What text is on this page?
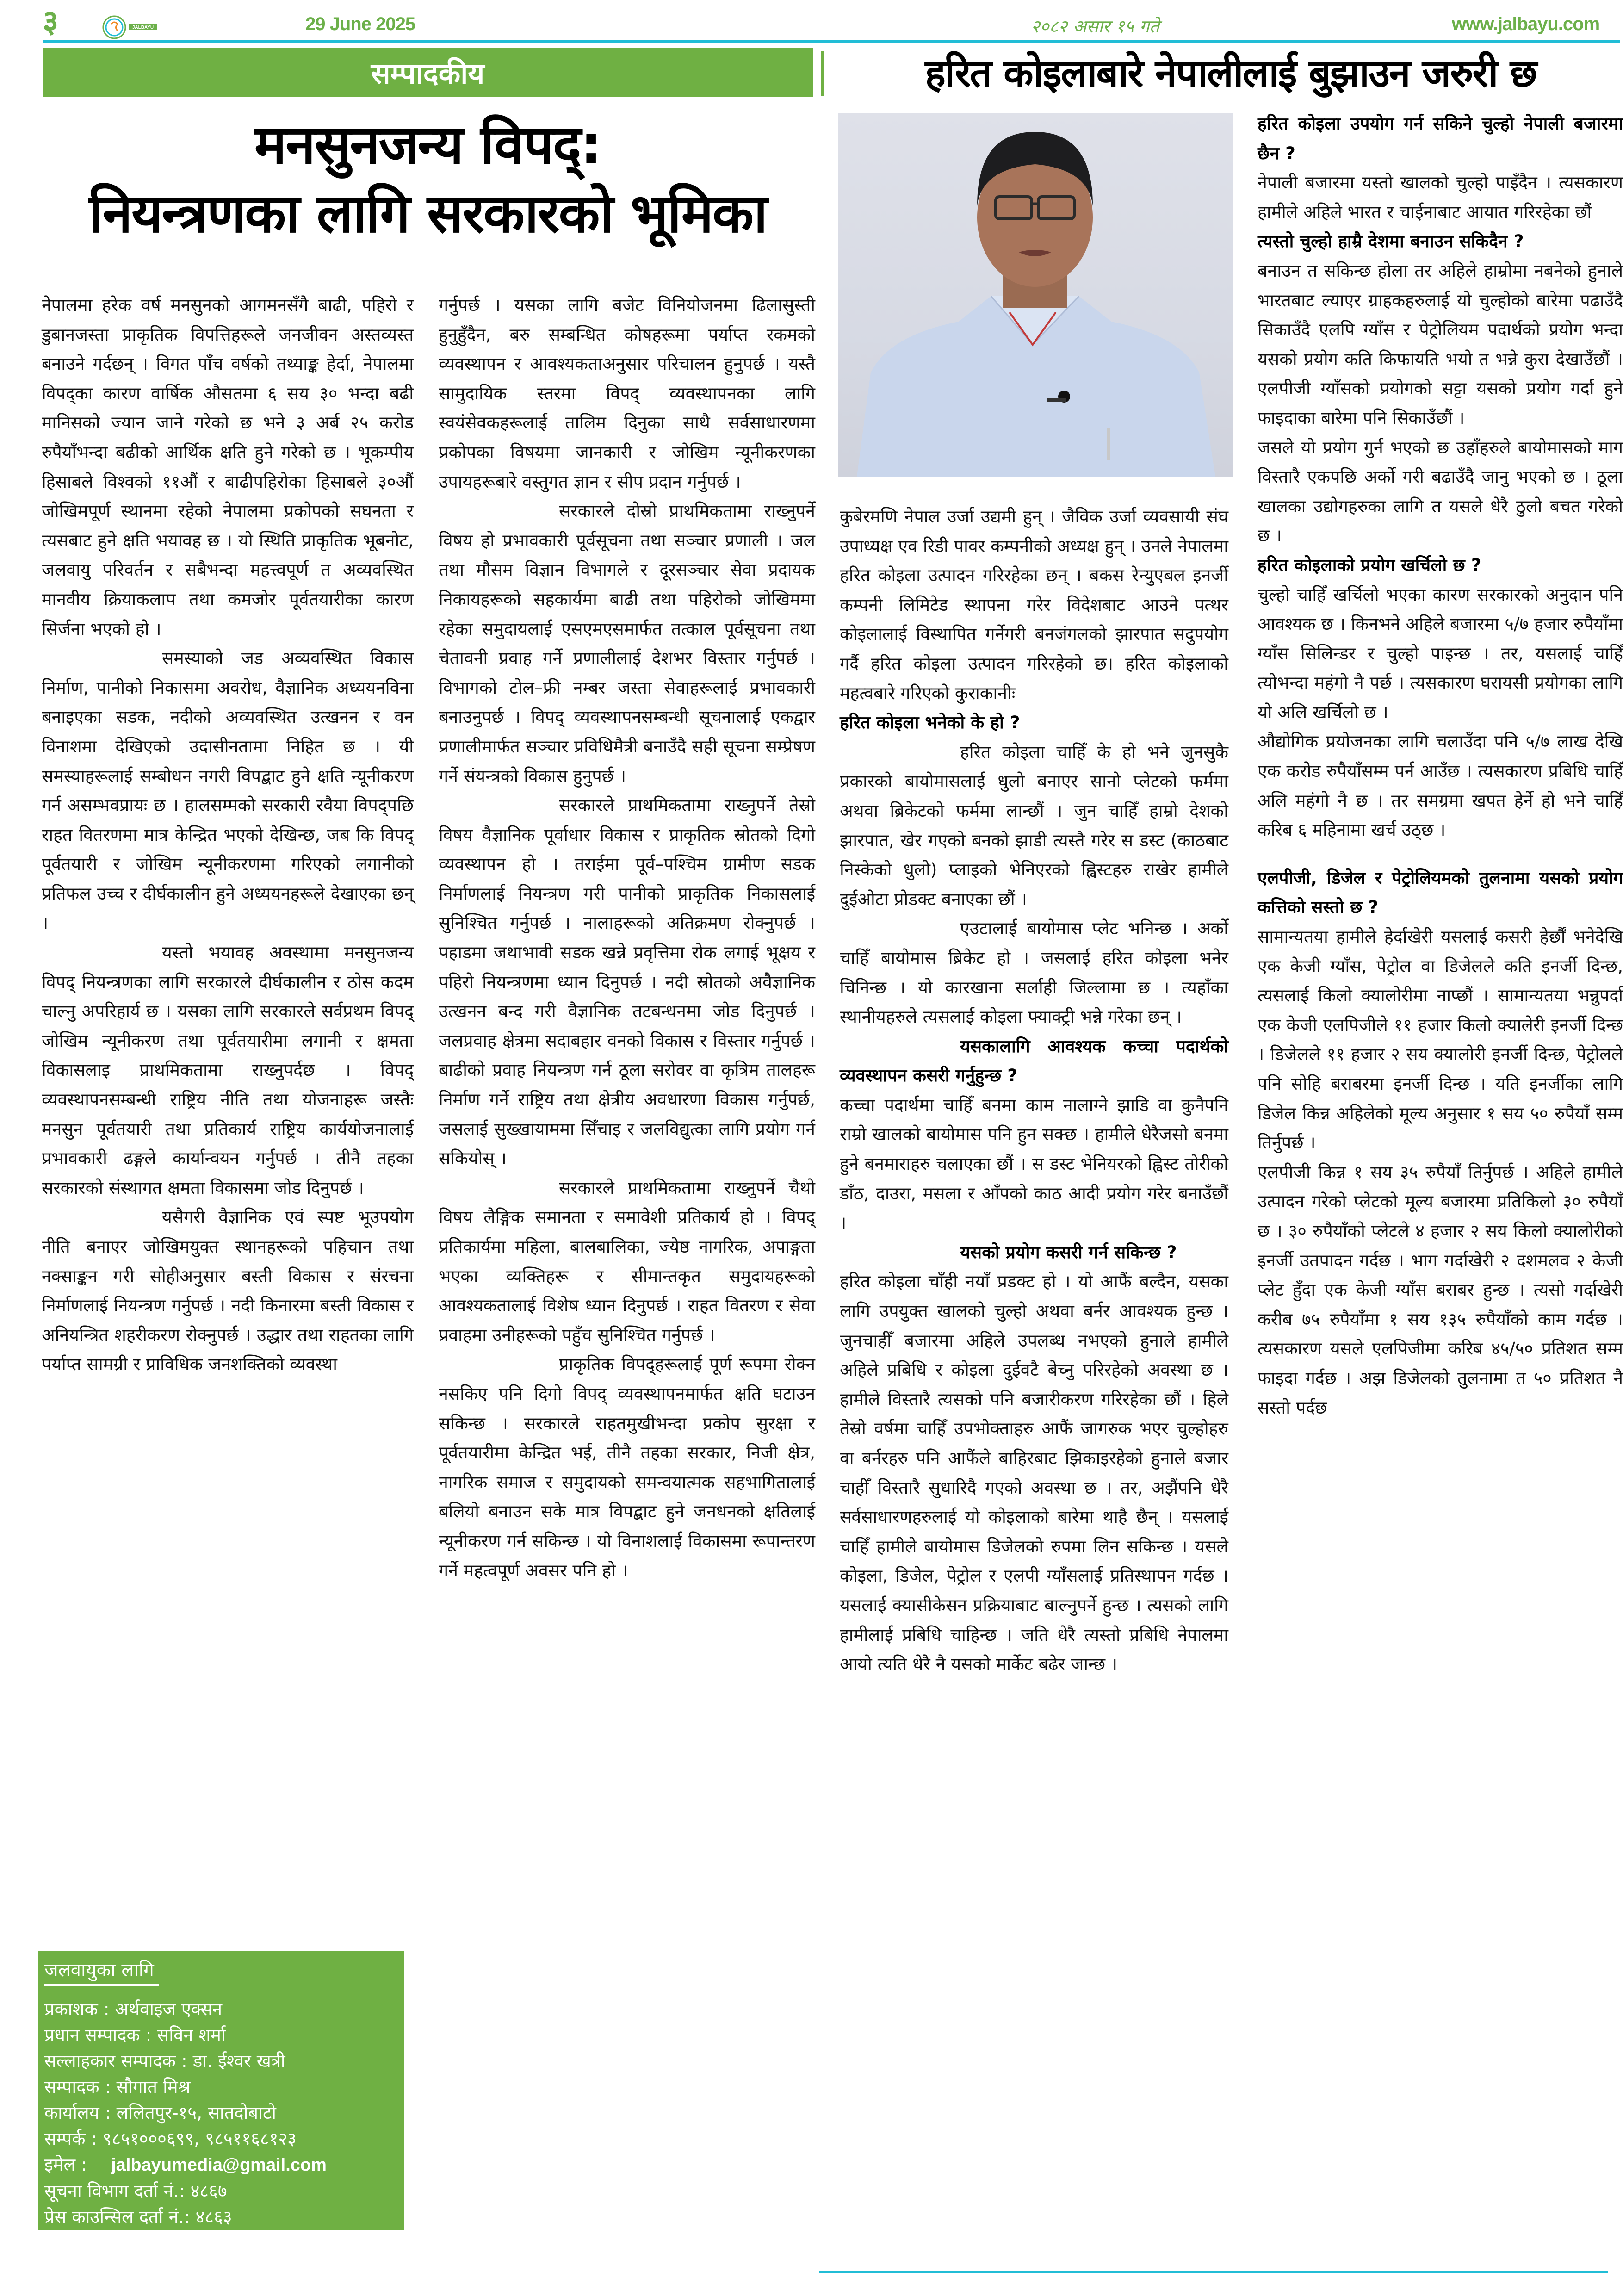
३	JALBAYU	29 June 2025	२०८२ असार १५ गते	www.jalbayu.com
सम्पादकीय
मनसुनजन्य विपद्:
नियन्त्रणका लागि सरकारको भूमिका

नेपालमा हरेक वर्ष मनसुनको आगमनसँगै बाढी, पहिरो र डुबानजस्ता प्राकृतिक विपत्तिहरूले जनजीवन अस्तव्यस्त बनाउने गर्दछन् । विगत पाँच वर्षको तथ्याङ्क हेर्दा, नेपालमा विपद्का कारण वार्षिक औसतमा ६ सय ३० भन्दा बढी मानिसको ज्यान जाने गरेको छ भने ३ अर्ब २५ करोड रुपैयाँभन्दा बढीको आर्थिक क्षति हुने गरेको छ । भूकम्पीय हिसाबले विश्वको ११औं र बाढीपहिरोका हिसाबले ३०औं जोखिमपूर्ण स्थानमा रहेको नेपालमा प्रकोपको सघनता र त्यसबाट हुने क्षति भयावह छ । यो स्थिति प्राकृतिक भूबनोट, जलवायु परिवर्तन र सबैभन्दा महत्त्वपूर्ण त अव्यवस्थित मानवीय क्रियाकलाप तथा कमजोर पूर्वतयारीका कारण सिर्जना भएको हो ।

समस्याको जड अव्यवस्थित विकास निर्माण, पानीको निकासमा अवरोध, वैज्ञानिक अध्ययनविना बनाइएका सडक, नदीको अव्यवस्थित उत्खनन र वन विनाशमा देखिएको उदासीनतामा निहित छ । यी समस्याहरूलाई सम्बोधन नगरी विपद्बाट हुने क्षति न्यूनीकरण गर्न असम्भवप्रायः छ । हालसम्मको सरकारी रवैया विपद्पछि राहत वितरणमा मात्र केन्द्रित भएको देखिन्छ, जब कि विपद् पूर्वतयारी र जोखिम न्यूनीकरणमा गरिएको लगानीको प्रतिफल उच्च र दीर्घकालीन हुने अध्ययनहरूले देखाएका छन् ।

यस्तो भयावह अवस्थामा मनसुनजन्य विपद् नियन्त्रणका लागि सरकारले दीर्घकालीन र ठोस कदम चाल्नु अपरिहार्य छ । यसका लागि सरकारले सर्वप्रथम विपद् जोखिम न्यूनीकरण तथा पूर्वतयारीमा लगानी र क्षमता विकासलाइ प्राथमिकतामा राख्नुपर्दछ । विपद् व्यवस्थापनसम्बन्धी राष्ट्रिय नीति तथा योजनाहरू जस्तैः मनसुन पूर्वतयारी तथा प्रतिकार्य राष्ट्रिय कार्ययोजनालाई प्रभावकारी ढङ्गले कार्यान्वयन गर्नुपर्छ । तीनै तहका सरकारको संस्थागत क्षमता विकासमा जोड दिनुपर्छ ।

यसैगरी वैज्ञानिक एवं स्पष्ट भूउपयोग नीति बनाएर जोखिमयुक्त स्थानहरूको पहिचान तथा नक्साङ्कन गरी सोहीअनुसार बस्ती विकास र संरचना निर्माणलाई नियन्त्रण गर्नुपर्छ । नदी किनारमा बस्ती विकास र अनियन्त्रित शहरीकरण रोक्नुपर्छ । उद्धार तथा राहतका लागि पर्याप्त सामग्री र प्राविधिक जनशक्तिको व्यवस्था

गर्नुपर्छ । यसका लागि बजेट विनियोजनमा ढिलासुस्ती हुनुहुँदैन, बरु सम्बन्धित कोषहरूमा पर्याप्त रकमको व्यवस्थापन र आवश्यकताअनुसार परिचालन हुनुपर्छ । यस्तै सामुदायिक स्तरमा विपद् व्यवस्थापनका लागि स्वयंसेवकहरूलाई तालिम दिनुका साथै सर्वसाधारणमा प्रकोपका विषयमा जानकारी र जोखिम न्यूनीकरणका उपायहरूबारे वस्तुगत ज्ञान र सीप प्रदान गर्नुपर्छ ।

सरकारले दोस्रो प्राथमिकतामा राख्नुपर्ने विषय हो प्रभावकारी पूर्वसूचना तथा सञ्चार प्रणाली । जल तथा मौसम विज्ञान विभागले र दूरसञ्चार सेवा प्रदायक निकायहरूको सहकार्यमा बाढी तथा पहिरोको जोखिममा रहेका समुदायलाई एसएमएसमार्फत तत्काल पूर्वसूचना तथा चेतावनी प्रवाह गर्ने प्रणालीलाई देशभर विस्तार गर्नुपर्छ । विभागको टोल–फ्री नम्बर जस्ता सेवाहरूलाई प्रभावकारी बनाउनुपर्छ । विपद् व्यवस्थापनसम्बन्धी सूचनालाई एकद्वार प्रणालीमार्फत सञ्चार प्रविधिमैत्री बनाउँदै सही सूचना सम्प्रेषण गर्ने संयन्त्रको विकास हुनुपर्छ ।

सरकारले प्राथमिकतामा राख्नुपर्ने तेस्रो विषय वैज्ञानिक पूर्वाधार विकास र प्राकृतिक स्रोतको दिगो व्यवस्थापन हो । तराईमा पूर्व–पश्चिम ग्रामीण सडक निर्माणलाई नियन्त्रण गरी पानीको प्राकृतिक निकासलाई सुनिश्चित गर्नुपर्छ । नालाहरूको अतिक्रमण रोक्नुपर्छ । पहाडमा जथाभावी सडक खन्ने प्रवृत्तिमा रोक लगाई भूक्षय र पहिरो नियन्त्रणमा ध्यान दिनुपर्छ । नदी स्रोतको अवैज्ञानिक उत्खनन बन्द गरी वैज्ञानिक तटबन्धनमा जोड दिनुपर्छ । जलप्रवाह क्षेत्रमा सदाबहार वनको विकास र विस्तार गर्नुपर्छ । बाढीको प्रवाह नियन्त्रण गर्न ठूला सरोवर वा कृत्रिम तालहरू निर्माण गर्ने राष्ट्रिय तथा क्षेत्रीय अवधारणा विकास गर्नुपर्छ, जसलाई सुख्खायाममा सिँचाइ र जलविद्युत्का लागि प्रयोग गर्न सकियोस् ।

सरकारले प्राथमिकतामा राख्नुपर्ने चैथो विषय लैङ्गिक समानता र समावेशी प्रतिकार्य हो । विपद् प्रतिकार्यमा महिला, बालबालिका, ज्येष्ठ नागरिक, अपाङ्गता भएका व्यक्तिहरू र सीमान्तकृत समुदायहरूको आवश्यकतालाई विशेष ध्यान दिनुपर्छ । राहत वितरण र सेवा प्रवाहमा उनीहरूको पहुँच सुनिश्चित गर्नुपर्छ ।

प्राकृतिक विपद्हरूलाई पूर्ण रूपमा रोक्न नसकिए पनि दिगो विपद् व्यवस्थापनमार्फत क्षति घटाउन सकिन्छ । सरकारले राहतमुखीभन्दा प्रकोप सुरक्षा र पूर्वतयारीमा केन्द्रित भई, तीनै तहका सरकार, निजी क्षेत्र, नागरिक समाज र समुदायको समन्वयात्मक सहभागितालाई बलियो बनाउन सके मात्र विपद्बाट हुने जनधनको क्षतिलाई न्यूनीकरण गर्न सकिन्छ । यो विनाशलाई विकासमा रूपान्तरण गर्ने महत्वपूर्ण अवसर पनि हो ।

जलवायुका लागि
प्रकाशक : अर्थवाइज एक्सन
प्रधान सम्पादक : सविन शर्मा
सल्लाहकार सम्पादक : डा. ईश्वर खत्री
सम्पादक : सौगात मिश्र
कार्यालय : ललितपुर-१५, सातदोबाटो
सम्पर्क : ९८५१०००६९९, ९८५११६८१२३
इमेल : jalbayumedia@gmail.com
सूचना विभाग दर्ता नं.: ४८६७
प्रेस काउन्सिल दर्ता नं.: ४८६३
हरित कोइलाबारे नेपालीलाई बुझाउन जरुरी छ

कुबेरमणि नेपाल उर्जा उद्यमी हुन् । जैविक उर्जा व्यवसायी संघ उपाध्यक्ष एव रिडी पावर कम्पनीको अध्यक्ष हुन् । उनले नेपालमा हरित कोइला उत्पादन गरिरहेका छन् । बकस रेन्युएबल इनर्जी कम्पनी लिमिटेड स्थापना गरेर विदेशबाट आउने पत्थर कोइलालाई विस्थापित गर्नेगरी बनजंगलको झारपात सदुपयोग गर्दै हरित कोइला उत्पादन गरिरहेको छ। हरित कोइलाको महत्वबारे गरिएको कुराकानीः

हरित कोइला भनेको के हो ?

हरित कोइला चाहिँ के हो भने जुनसुकै प्रकारको बायोमासलाई धुलो बनाएर सानो प्लेटको फर्ममा अथवा ब्रिकेटको फर्ममा लान्छौं । जुन चाहिँ हाम्रो देशको झारपात, खेर गएको बनको झाडी त्यस्तै गरेर स डस्ट (काठबाट निस्केको धुलो) प्लाइको भेनिएरको ह्विस्टहरु राखेर हामीले दुईओटा प्रोडक्ट बनाएका छौं ।

एउटालाई बायोमास प्लेट भनिन्छ । अर्को चाहिँ बायोमास ब्रिकेट हो । जसलाई हरित कोइला भनेर चिनिन्छ । यो कारखाना सर्लाही जिल्लामा छ । त्यहाँका स्थानीयहरुले त्यसलाई कोइला फ्याक्ट्री भन्ने गरेका छन् ।

यसकालागि आवश्यक कच्चा पदार्थको व्यवस्थापन कसरी गर्नुहुन्छ ?

कच्चा पदार्थमा चाहिँ बनमा काम नालाग्ने झाडि वा कुनैपनि राम्रो खालको बायोमास पनि हुन सक्छ । हामीले धेरैजसो बनमा हुने बनमाराहरु चलाएका छौं । स डस्ट भेनियरको ह्विस्ट तोरीको डाँठ, दाउरा, मसला र आँपको काठ आदी प्रयोग गरेर बनाउँछौं ।

यसको प्रयोग कसरी गर्न सकिन्छ ?

हरित कोइला चाँही नयाँ प्रडक्ट हो । यो आफैं बल्दैन, यसका लागि उपयुक्त खालको चुल्हो अथवा बर्नर आवश्यक हुन्छ । जुनचाहीँ बजारमा अहिले उपलब्ध नभएको हुनाले हामीले अहिले प्रबिधि र कोइला दुईवटै बेच्नु परिरहेको अवस्था छ । हामीले विस्तारै त्यसको पनि बजारीकरण गरिरहेका छौं । हिले तेस्रो वर्षमा चाहिँ उपभोक्ताहरु आफैं जागरुक भएर चुल्होहरु वा बर्नरहरु पनि आफैंले बाहिरबाट झिकाइरहेको हुनाले बजार चाहीँ विस्तारै सुधारिदै गएको अवस्था छ । तर, अझैंपनि धेरै सर्वसाधारणहरुलाई यो कोइलाको बारेमा थाहै छैन् । यसलाई चाहिँ हामीले बायोमास डिजेलको रुपमा लिन सकिन्छ । यसले कोइला, डिजेल, पेट्रोल र एलपी ग्याँसलाई प्रतिस्थापन गर्दछ । यसलाई क्यासीकेसन प्रक्रियाबाट बाल्नुपर्ने हुन्छ । त्यसको लागि हामीलाई प्रबिधि चाहिन्छ । जति धेरै त्यस्तो प्रबिधि नेपालमा आयो त्यति धेरै नै यसको मार्केट बढेर जान्छ ।

हरित कोइला उपयोग गर्न सकिने चुल्हो नेपाली बजारमा छैन ?

नेपाली बजारमा यस्तो खालको चुल्हो पाइँदैन । त्यसकारण हामीले अहिले भारत र चाईनाबाट आयात गरिरहेका छौं

त्यस्तो चुल्हो हाम्रै देशमा बनाउन सकिदैन ?

बनाउन त सकिन्छ होला तर अहिले हाम्रोमा नबनेको हुनाले भारतबाट ल्याएर ग्राहकहरुलाई यो चुल्होको बारेमा पढाउँदै सिकाउँदै एलपि ग्याँस र पेट्रोलियम पदार्थको प्रयोग भन्दा यसको प्रयोग कति किफायति भयो त भन्ने कुरा देखाउँछौं । एलपीजी ग्याँसको प्रयोगको सट्टा यसको प्रयोग गर्दा हुने फाइदाका बारेमा पनि सिकाउँछौं ।

जसले यो प्रयोग गुर्न भएको छ उहाँहरुले बायोमासको माग विस्तारै एकपछि अर्को गरी बढाउँदै जानु भएको छ । ठूला खालका उद्योगहरुका लागि त यसले धेरै ठुलो बचत गरेको छ ।

हरित कोइलाको प्रयोग खर्चिलो छ ?

चुल्हो चाहिँ खर्चिलो भएका कारण सरकारको अनुदान पनि आवश्यक छ । किनभने अहिले बजारमा ५/७ हजार रुपैयाँमा ग्याँस सिलिन्डर र चुल्हो पाइन्छ । तर, यसलाई चाहिँ त्योभन्दा महंगो नै पर्छ । त्यसकारण घरायसी प्रयोगका लागि यो अलि खर्चिलो छ ।

औद्योगिक प्रयोजनका लागि चलाउँदा पनि ५/७ लाख देखि एक करोड रुपैयाँसम्म पर्न आउँछ । त्यसकारण प्रबिधि चाहिँ अलि महंगो नै छ । तर समग्रमा खपत हेर्ने हो भने चाहिँ करिब ६ महिनामा खर्च उठ्छ ।

एलपीजी, डिजेल र पेट्रोलियमको तुलनामा यसको प्रयोग कत्तिको सस्तो छ ?

सामान्यतया हामीले हेर्दाखेरी यसलाई कसरी हेर्छौं भनेदेखि एक केजी ग्याँस, पेट्रोल वा डिजेलले कति इनर्जी दिन्छ, त्यसलाई किलो क्यालोरीमा नाप्छौं । सामान्यतया भन्नुपर्दा एक केजी एलपिजीले ११ हजार किलो क्यालेरी इनर्जी दिन्छ । डिजेलले ११ हजार २ सय क्यालोरी इनर्जी दिन्छ, पेट्रोलले पनि सोहि बराबरमा इनर्जी दिन्छ । यति इनर्जीका लागि डिजेल किन्न अहिलेको मूल्य अनुसार १ सय ५० रुपैयाँ सम्म तिर्नुपर्छ ।

एलपीजी किन्न १ सय ३५ रुपैयाँ तिर्नुपर्छ । अहिले हामीले उत्पादन गरेको प्लेटको मूल्य बजारमा प्रतिकिलो ३० रुपैयाँ छ । ३० रुपैयाँको प्लेटले ४ हजार २ सय किलो क्यालोरीको इनर्जी उतपादन गर्दछ । भाग गर्दाखेरी २ दशमलव २ केजी प्लेट हुँदा एक केजी ग्याँस बराबर हुन्छ । त्यसो गर्दाखेरी करीब ७५ रुपैयाँमा १ सय १३५ रुपैयाँको काम गर्दछ । त्यसकारण यसले एलपिजीमा करिब ४५/५० प्रतिशत सम्म फाइदा गर्दछ । अझ डिजेलको तुलनामा त ५० प्रतिशत नै सस्तो पर्दछ
